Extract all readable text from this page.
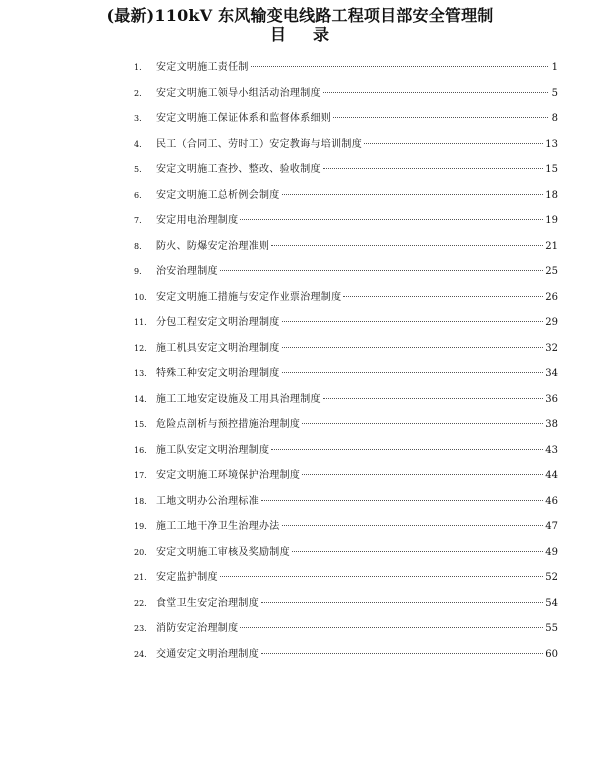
(最新)110kV 东风输变电线路工程项目部安全管理制
目 录
1.	安定文明施工责任制	1
2.	安定文明施工领导小组活动治理制度	5
3.	安定文明施工保证体系和监督体系细则	8
4.	民工（合同工、劳时工）安定教诲与培训制度	13
5.	安定文明施工查抄、整改、验收制度	15
6.	安定文明施工总析例会制度	18
7.	安定用电治理制度	19
8.	防火、防爆安定治理准则	21
9.	治安治理制度	25
10. 安定文明施工措施与安定作业票治理制度	26
11. 分包工程安定文明治理制度	29
12. 施工机具安定文明治理制度	32
13. 特殊工种安定文明治理制度	34
14. 施工工地安定设施及工用具治理制度	36
15. 危险点剖析与预控措施治理制度	38
16. 施工队安定文明治理制度	43
17. 安定文明施工环境保护治理制度	44
18. 工地文明办公治理标准	46
19. 施工工地干净卫生治理办法	47
20. 安定文明施工审核及奖励制度	49
21. 安定监护制度	52
22. 食堂卫生安定治理制度	54
23. 消防安定治理制度	55
24. 交通安定文明治理制度	60
